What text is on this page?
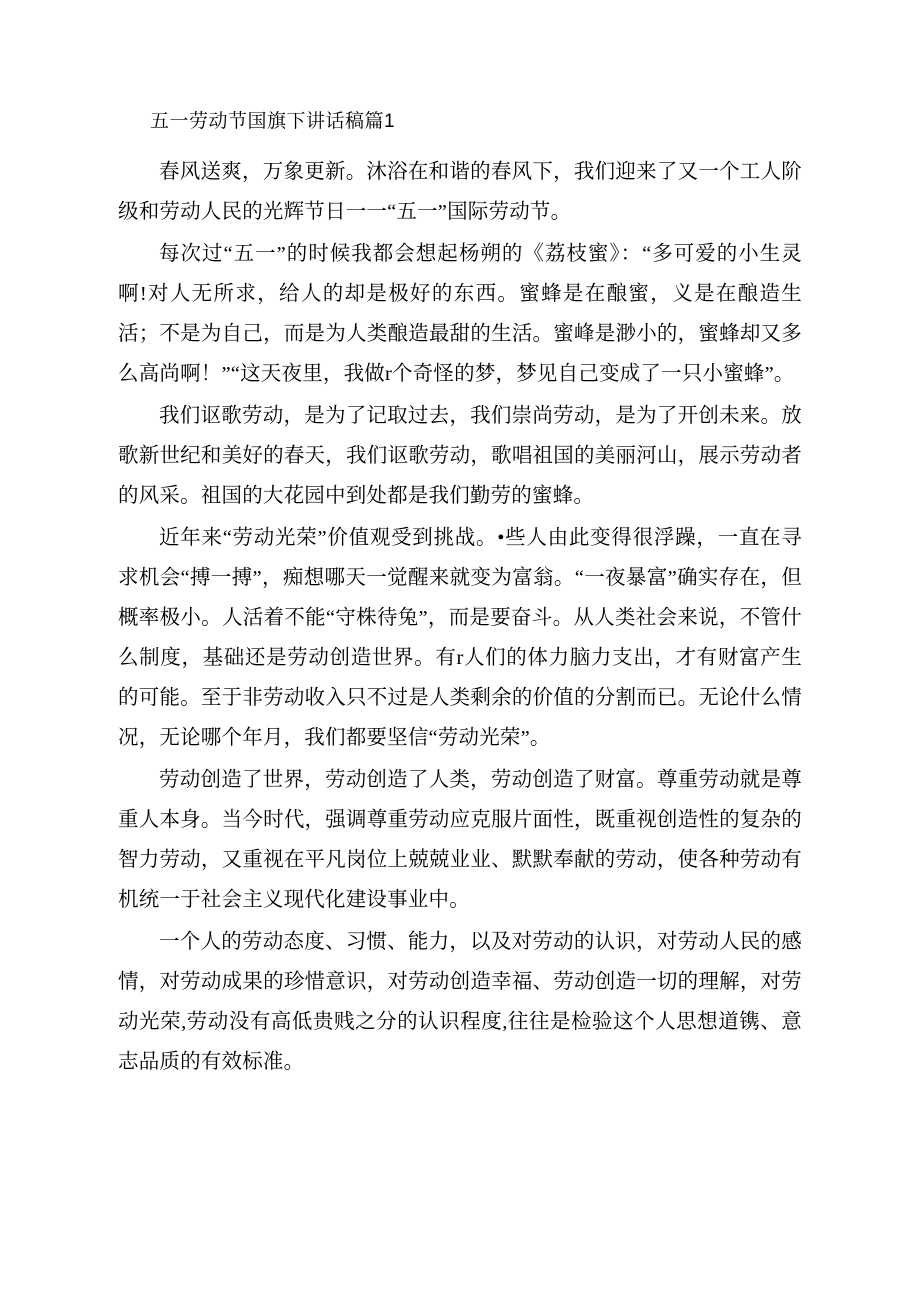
五一劳动节国旗下讲话稿篇1

春风送爽，万象更新。沐浴在和谐的春风下，我们迎来了又一个工人阶级和劳动人民的光辉节日一一“五一”国际劳动节。

每次过“五一”的时候我都会想起杨朔的《荔枝蜜》：“多可爱的小生灵啊!对人无所求，给人的却是极好的东西。蜜蜂是在酿蜜，义是在酿造生活；不是为自己，而是为人类酿造最甜的生活。蜜峰是渺小的，蜜蜂却又多么高尚啊！”“这天夜里，我做r个奇怪的梦，梦见自己变成了一只小蜜蜂”。

我们讴歌劳动，是为了记取过去，我们崇尚劳动，是为了开创未来。放歌新世纪和美好的春天，我们讴歌劳动，歌唱祖国的美丽河山，展示劳动者的风采。祖国的大花园中到处都是我们勤劳的蜜蜂。

近年来“劳动光荣”价值观受到挑战。•些人由此变得很浮躁，一直在寻求机会“搏一搏”，痴想哪天一觉醒来就变为富翁。“一夜暴富”确实存在，但概率极小。人活着不能“守株待兔”，而是要奋斗。从人类社会来说，不管什么制度，基础还是劳动创造世界。有r人们的体力脑力支出，才有财富产生的可能。至于非劳动收入只不过是人类剩余的价值的分割而已。无论什么情况，无论哪个年月，我们都要坚信“劳动光荣”。

劳动创造了世界，劳动创造了人类，劳动创造了财富。尊重劳动就是尊重人本身。当今时代，强调尊重劳动应克服片面性，既重视创造性的复杂的智力劳动，又重视在平凡岗位上兢兢业业、默默奉献的劳动，使各种劳动有机统一于社会主义现代化建设事业中。

一个人的劳动态度、习惯、能力，以及对劳动的认识，对劳动人民的感情，对劳动成果的珍惜意识，对劳动创造幸福、劳动创造一切的理解，对劳动光荣,劳动没有高低贵贱之分的认识程度,往往是检验这个人思想道镌、意志品质的有效标准。
